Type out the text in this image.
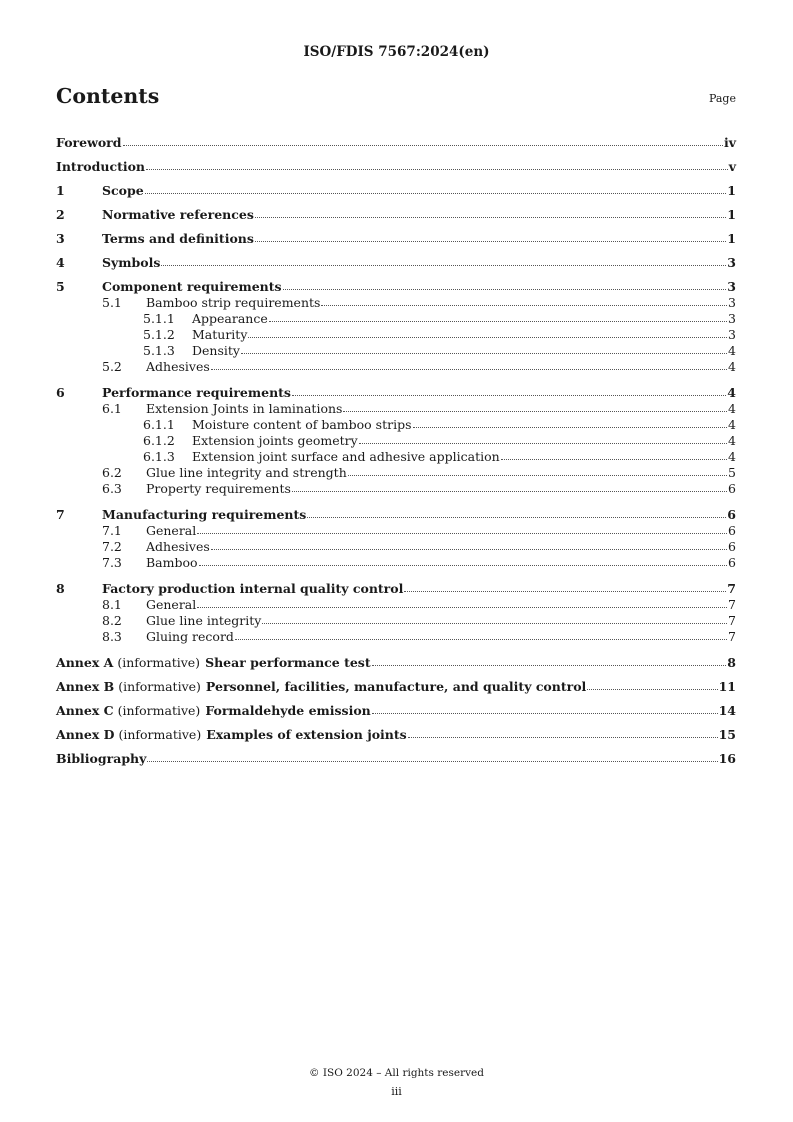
ISO/FDIS 7567:2024(en)
Contents	Page
Foreword	iv
Introduction	v
1	Scope	1
2	Normative references	1
3	Terms and definitions	1
4	Symbols	3
5	Component requirements	3
5.1	Bamboo strip requirements	3
5.1.1	Appearance	3
5.1.2	Maturity	3
5.1.3	Density	4
5.2	Adhesives	4
6	Performance requirements	4
6.1	Extension Joints in laminations	4
6.1.1	Moisture content of bamboo strips	4
6.1.2	Extension joints geometry	4
6.1.3	Extension joint surface and adhesive application	4
6.2	Glue line integrity and strength	5
6.3	Property requirements	6
7	Manufacturing requirements	6
7.1	General	6
7.2	Adhesives	6
7.3	Bamboo	6
8	Factory production internal quality control	7
8.1	General	7
8.2	Glue line integrity	7
8.3	Gluing record	7
Annex A (informative) Shear performance test	8
Annex B (informative) Personnel, facilities, manufacture, and quality control	11
Annex C (informative) Formaldehyde emission	14
Annex D (informative) Examples of extension joints	15
Bibliography	16
© ISO 2024 – All rights reserved
iii
